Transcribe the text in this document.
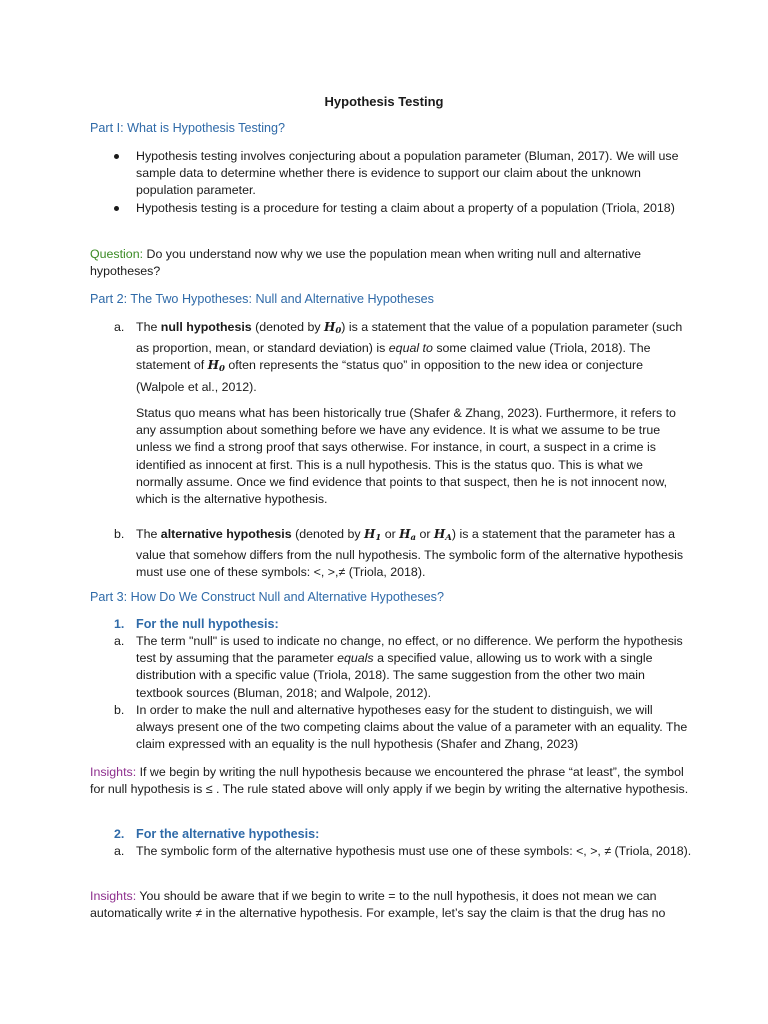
Hypothesis Testing
Part I: What is Hypothesis Testing?
Hypothesis testing involves conjecturing about a population parameter (Bluman, 2017). We will use sample data to determine whether there is evidence to support our claim about the unknown population parameter.
Hypothesis testing is a procedure for testing a claim about a property of a population (Triola, 2018)
Question: Do you understand now why we use the population mean when writing null and alternative hypotheses?
Part 2: The Two Hypotheses: Null and Alternative Hypotheses
a. The null hypothesis (denoted by $H_0$) is a statement that the value of a population parameter (such as proportion, mean, or standard deviation) is equal to some claimed value (Triola, 2018). The statement of $H_0$ often represents the “status quo” in opposition to the new idea or conjecture (Walpole et al., 2012).
Status quo means what has been historically true (Shafer & Zhang, 2023). Furthermore, it refers to any assumption about something before we have any evidence. It is what we assume to be true unless we find a strong proof that says otherwise. For instance, in court, a suspect in a crime is identified as innocent at first. This is a null hypothesis. This is the status quo. This is what we normally assume. Once we find evidence that points to that suspect, then he is not innocent now, which is the alternative hypothesis.
b. The alternative hypothesis (denoted by $H_1$ or $H_a$ or $H_A$) is a statement that the parameter has a value that somehow differs from the null hypothesis. The symbolic form of the alternative hypothesis must use one of these symbols: <, >,≠ (Triola, 2018).
Part 3: How Do We Construct Null and Alternative Hypotheses?
1. For the null hypothesis:
a. The term "null" is used to indicate no change, no effect, or no difference. We perform the hypothesis test by assuming that the parameter equals a specified value, allowing us to work with a single distribution with a specific value (Triola, 2018). The same suggestion from the other two main textbook sources (Bluman, 2018; and Walpole, 2012).
b. In order to make the null and alternative hypotheses easy for the student to distinguish, we will always present one of the two competing claims about the value of a parameter with an equality. The claim expressed with an equality is the null hypothesis (Shafer and Zhang, 2023)
Insights: If we begin by writing the null hypothesis because we encountered the phrase “at least”, the symbol for null hypothesis is ≤ . The rule stated above will only apply if we begin by writing the alternative hypothesis.
2. For the alternative hypothesis:
a. The symbolic form of the alternative hypothesis must use one of these symbols: <, >, ≠ (Triola, 2018).
Insights: You should be aware that if we begin to write = to the null hypothesis, it does not mean we can automatically write ≠ in the alternative hypothesis. For example, let’s say the claim is that the drug has no
